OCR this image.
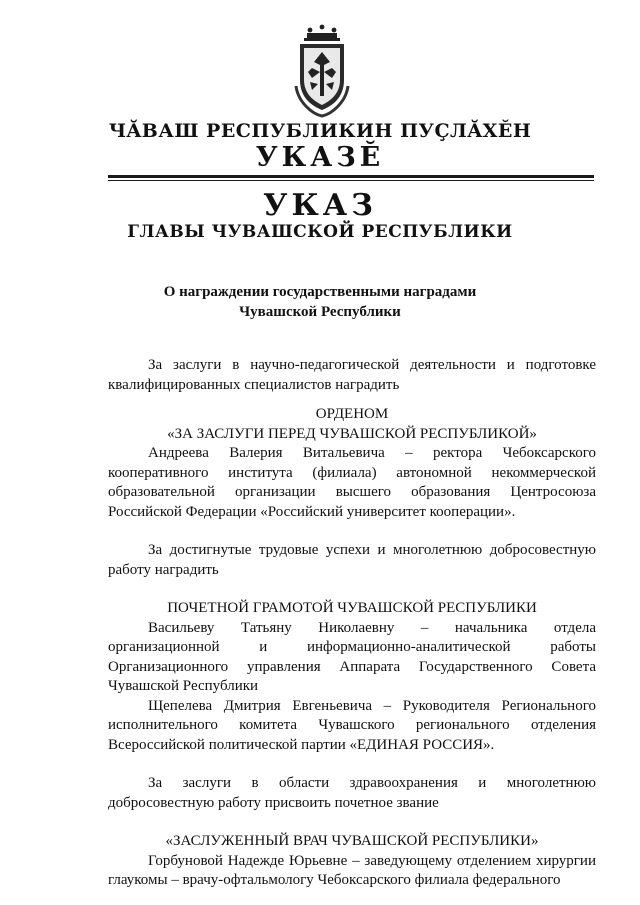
ЧĂВАШ РЕСПУБЛИКИН ПУÇЛĂХĔН
УКАЗĔ
УКАЗ
ГЛАВЫ ЧУВАШСКОЙ РЕСПУБЛИКИ
О награждении государственными наградами
Чувашской Республики

За заслуги в научно-педагогической деятельности и подготовке квалифицированных специалистов наградить

ОРДЕНОМ

«ЗА ЗАСЛУГИ ПЕРЕД ЧУВАШСКОЙ РЕСПУБЛИКОЙ»

Андреева Валерия Витальевича – ректора Чебоксарского кооперативного института (филиала) автономной некоммерческой образовательной организации высшего образования Центросоюза Российской Федерации «Российский университет кооперации».

За достигнутые трудовые успехи и многолетнюю добросовестную работу наградить

ПОЧЕТНОЙ ГРАМОТОЙ ЧУВАШСКОЙ РЕСПУБЛИКИ

Васильеву Татьяну Николаевну – начальника отдела организационной и информационно-аналитической работы Организационного управления Аппарата Государственного Совета Чувашской Республики

Щепелева Дмитрия Евгеньевича – Руководителя Регионального исполнительного комитета Чувашского регионального отделения Всероссийской политической партии «ЕДИНАЯ РОССИЯ».

За заслуги в области здравоохранения и многолетнюю добросовестную работу присвоить почетное звание

«ЗАСЛУЖЕННЫЙ ВРАЧ ЧУВАШСКОЙ РЕСПУБЛИКИ»

Горбуновой Надежде Юрьевне – заведующему отделением хирургии глаукомы – врачу-офтальмологу Чебоксарского филиала федерального
